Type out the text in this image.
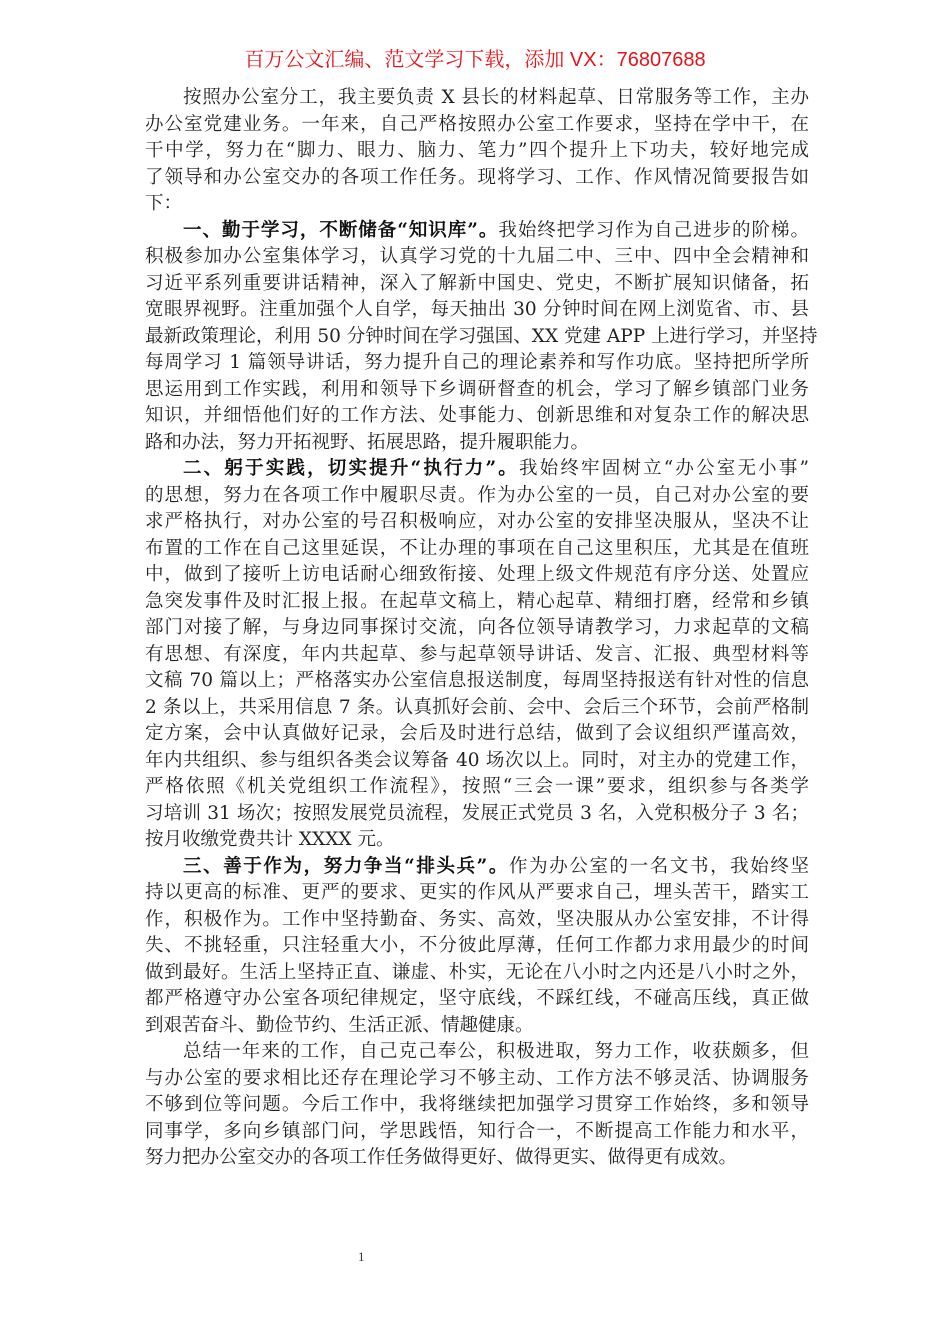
百万公文汇编、范文学习下载，添加 VX：76807688
按照办公室分工，我主要负责 X 县长的材料起草、日常服务等工作，主办
办公室党建业务。一年来，自己严格按照办公室工作要求，坚持在学中干，在
干中学，努力在“脚力、眼力、脑力、笔力”四个提升上下功夫，较好地完成
了领导和办公室交办的各项工作任务。现将学习、工作、作风情况简要报告如
下：
一、勤于学习，不断储备“知识库”。我始终把学习作为自己进步的阶梯。
积极参加办公室集体学习，认真学习党的十九届二中、三中、四中全会精神和
习近平系列重要讲话精神，深入了解新中国史、党史，不断扩展知识储备，拓
宽眼界视野。注重加强个人自学，每天抽出 30 分钟时间在网上浏览省、市、县
最新政策理论，利用 50 分钟时间在学习强国、XX 党建 APP 上进行学习，并坚持
每周学习 1 篇领导讲话，努力提升自己的理论素养和写作功底。坚持把所学所
思运用到工作实践，利用和领导下乡调研督查的机会，学习了解乡镇部门业务
知识，并细悟他们好的工作方法、处事能力、创新思维和对复杂工作的解决思
路和办法，努力开拓视野、拓展思路，提升履职能力。
二、躬于实践，切实提升“执行力”。我始终牢固树立“办公室无小事”
的思想，努力在各项工作中履职尽责。作为办公室的一员，自己对办公室的要
求严格执行，对办公室的号召积极响应，对办公室的安排坚决服从，坚决不让
布置的工作在自己这里延误，不让办理的事项在自己这里积压，尤其是在值班
中，做到了接听上访电话耐心细致衔接、处理上级文件规范有序分送、处置应
急突发事件及时汇报上报。在起草文稿上，精心起草、精细打磨，经常和乡镇
部门对接了解，与身边同事探讨交流，向各位领导请教学习，力求起草的文稿
有思想、有深度，年内共起草、参与起草领导讲话、发言、汇报、典型材料等
文稿 70 篇以上；严格落实办公室信息报送制度，每周坚持报送有针对性的信息
2 条以上，共采用信息 7 条。认真抓好会前、会中、会后三个环节，会前严格制
定方案，会中认真做好记录，会后及时进行总结，做到了会议组织严谨高效，
年内共组织、参与组织各类会议筹备 40 场次以上。同时，对主办的党建工作，
严格依照《机关党组织工作流程》，按照“三会一课”要求，组织参与各类学
习培训 31 场次；按照发展党员流程，发展正式党员 3 名，入党积极分子 3 名；
按月收缴党费共计 XXXX 元。
三、善于作为，努力争当“排头兵”。作为办公室的一名文书，我始终坚
持以更高的标准、更严的要求、更实的作风从严要求自己，埋头苦干，踏实工
作，积极作为。工作中坚持勤奋、务实、高效，坚决服从办公室安排，不计得
失、不挑轻重，只注轻重大小，不分彼此厚薄，任何工作都力求用最少的时间
做到最好。生活上坚持正直、谦虚、朴实，无论在八小时之内还是八小时之外，
都严格遵守办公室各项纪律规定，坚守底线，不踩红线，不碰高压线，真正做
到艰苦奋斗、勤俭节约、生活正派、情趣健康。
总结一年来的工作，自己克己奉公，积极进取，努力工作，收获颇多，但
与办公室的要求相比还存在理论学习不够主动、工作方法不够灵活、协调服务
不够到位等问题。今后工作中，我将继续把加强学习贯穿工作始终，多和领导
同事学，多向乡镇部门问，学思践悟，知行合一，不断提高工作能力和水平，
努力把办公室交办的各项工作任务做得更好、做得更实、做得更有成效。
1
